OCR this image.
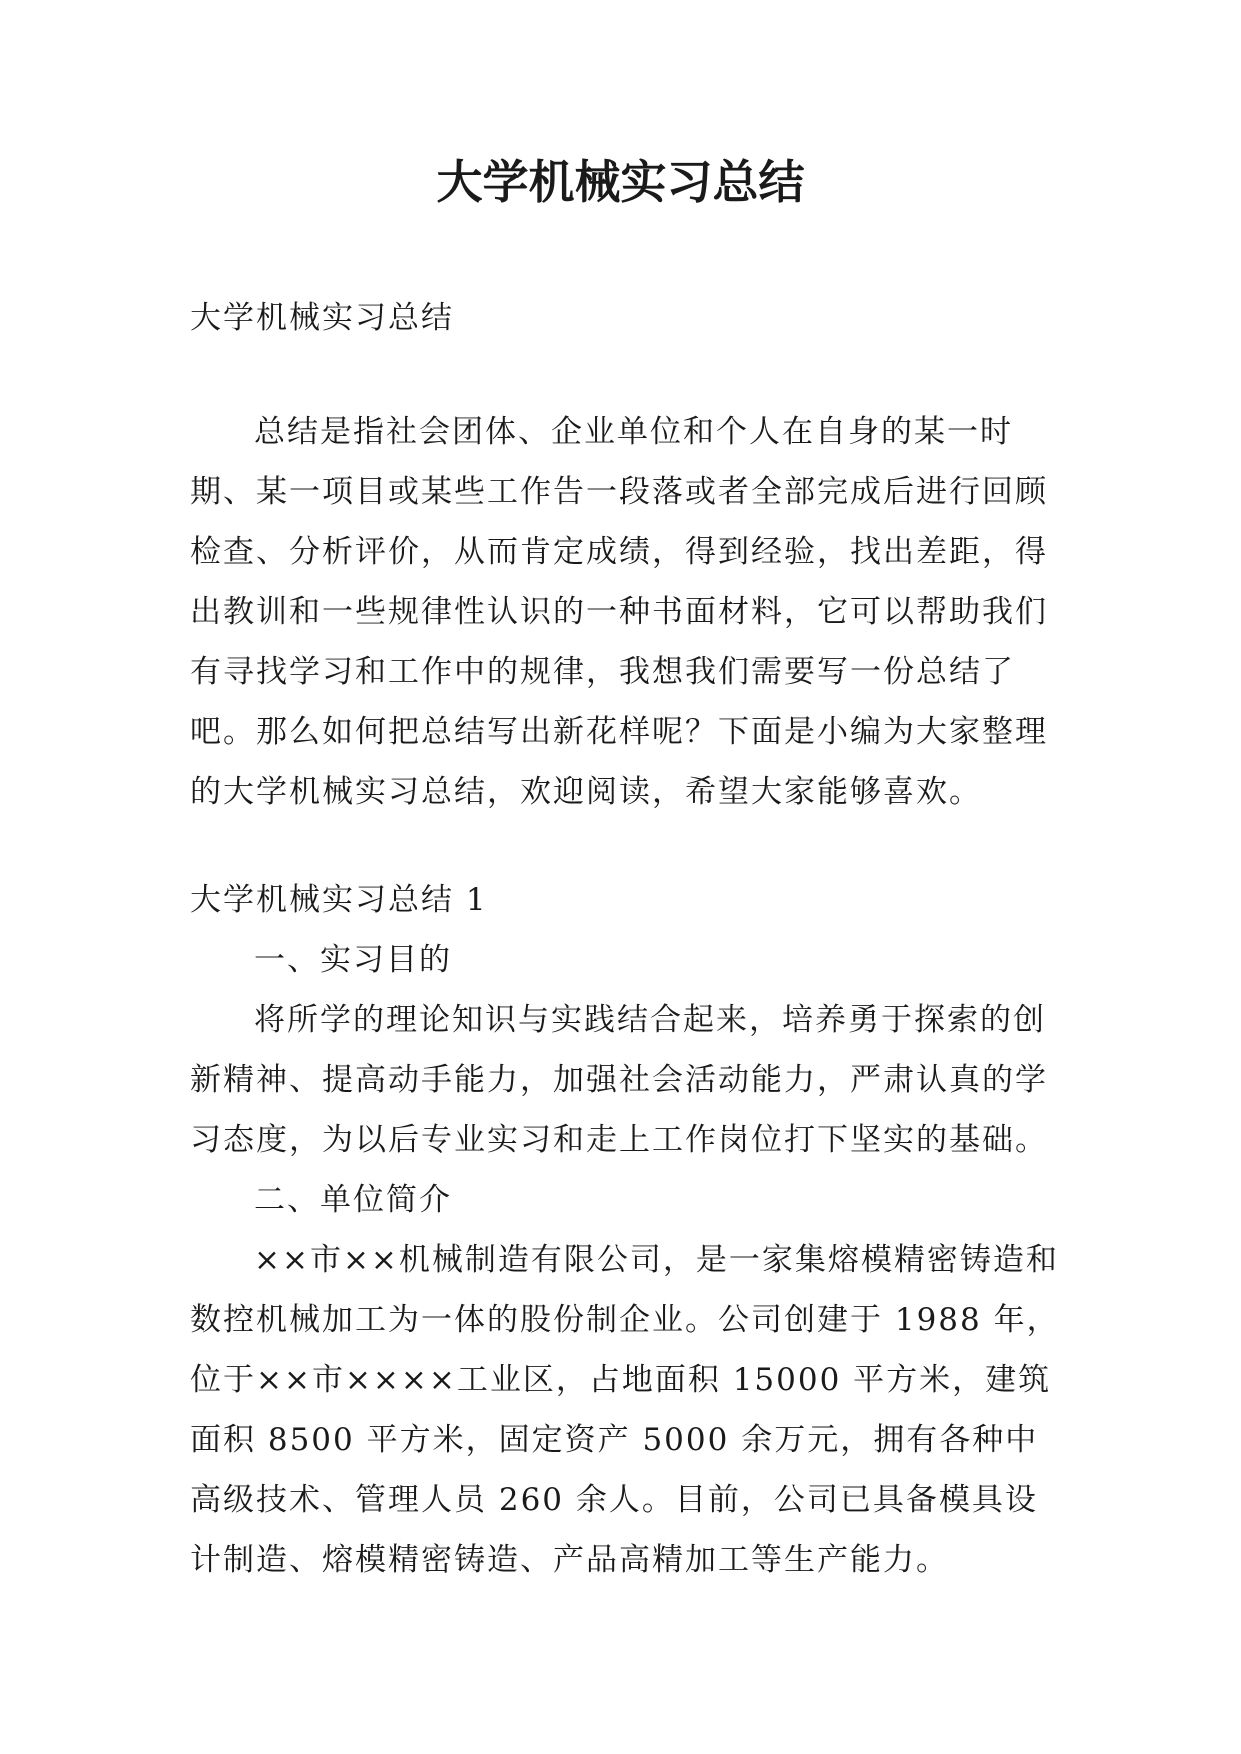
大学机械实习总结

大学机械实习总结

总结是指社会团体、企业单位和个人在自身的某一时期、某一项目或某些工作告一段落或者全部完成后进行回顾检查、分析评价，从而肯定成绩，得到经验，找出差距，得出教训和一些规律性认识的一种书面材料，它可以帮助我们有寻找学习和工作中的规律，我想我们需要写一份总结了吧。那么如何把总结写出新花样呢？下面是小编为大家整理的大学机械实习总结，欢迎阅读，希望大家能够喜欢。

大学机械实习总结 1

一、实习目的

将所学的理论知识与实践结合起来，培养勇于探索的创新精神、提高动手能力，加强社会活动能力，严肃认真的学习态度，为以后专业实习和走上工作岗位打下坚实的基础。

二、单位简介

××市××机械制造有限公司，是一家集熔模精密铸造和数控机械加工为一体的股份制企业。公司创建于 1988 年，位于××市××××工业区，占地面积 15000 平方米，建筑面积 8500 平方米，固定资产 5000 余万元，拥有各种中高级技术、管理人员 260 余人。目前，公司已具备模具设计制造、熔模精密铸造、产品高精加工等生产能力。
